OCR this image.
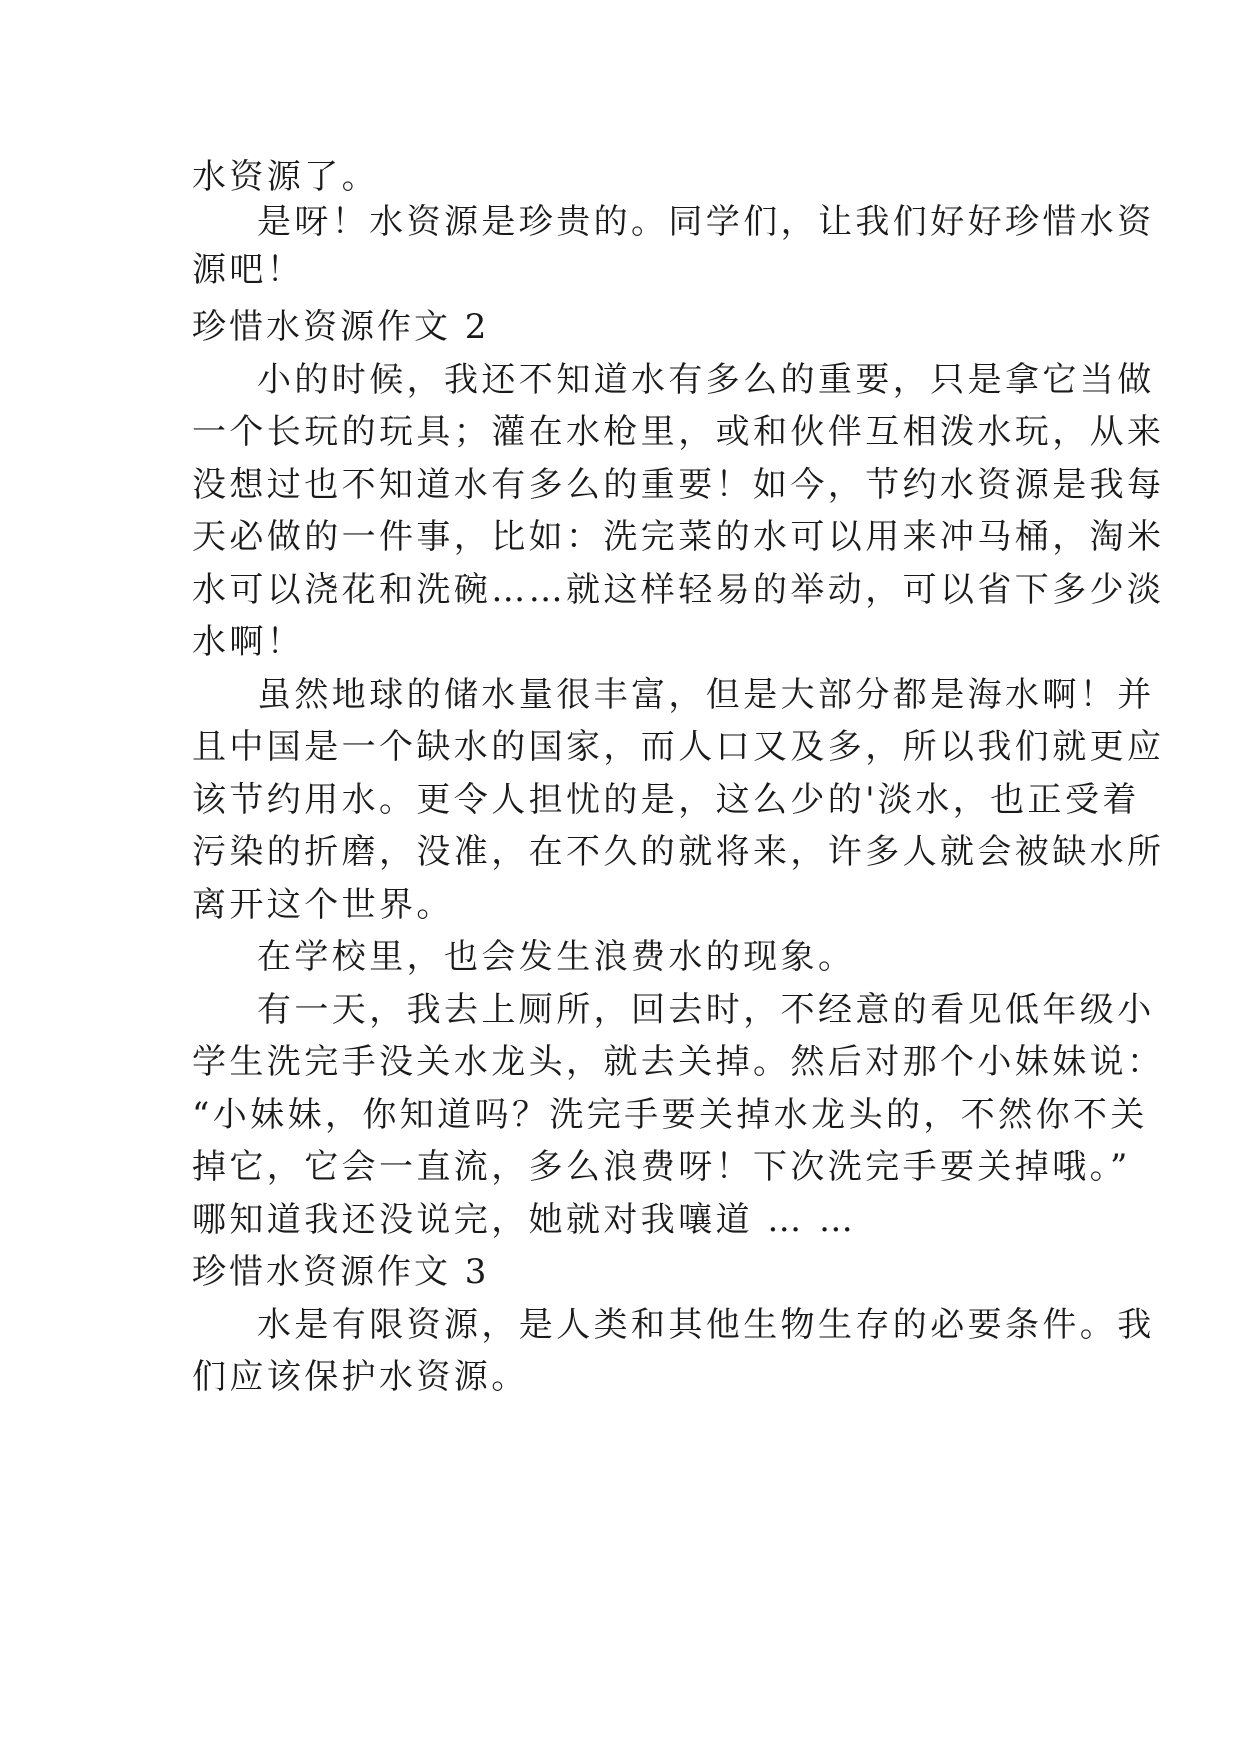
水资源了。
是呀！水资源是珍贵的。同学们，让我们好好珍惜水资
源吧！
珍惜水资源作文 2
小的时候，我还不知道水有多么的重要，只是拿它当做
一个长玩的玩具；灌在水枪里，或和伙伴互相泼水玩，从来
没想过也不知道水有多么的重要！如今，节约水资源是我每
天必做的一件事，比如：洗完菜的水可以用来冲马桶，淘米
水可以浇花和洗碗……就这样轻易的举动，可以省下多少淡
水啊！
虽然地球的储水量很丰富，但是大部分都是海水啊！并
且中国是一个缺水的国家，而人口又及多，所以我们就更应
该节约用水。更令人担忧的是，这么少的'淡水，也正受着
污染的折磨，没准，在不久的就将来，许多人就会被缺水所
离开这个世界。
在学校里，也会发生浪费水的现象。
有一天，我去上厕所，回去时，不经意的看见低年级小
学生洗完手没关水龙头，就去关掉。然后对那个小妹妹说：
“小妹妹，你知道吗？洗完手要关掉水龙头的，不然你不关
掉它，它会一直流，多么浪费呀！下次洗完手要关掉哦。”
哪知道我还没说完，她就对我嚷道 … …
珍惜水资源作文 3
水是有限资源，是人类和其他生物生存的必要条件。我
们应该保护水资源。
